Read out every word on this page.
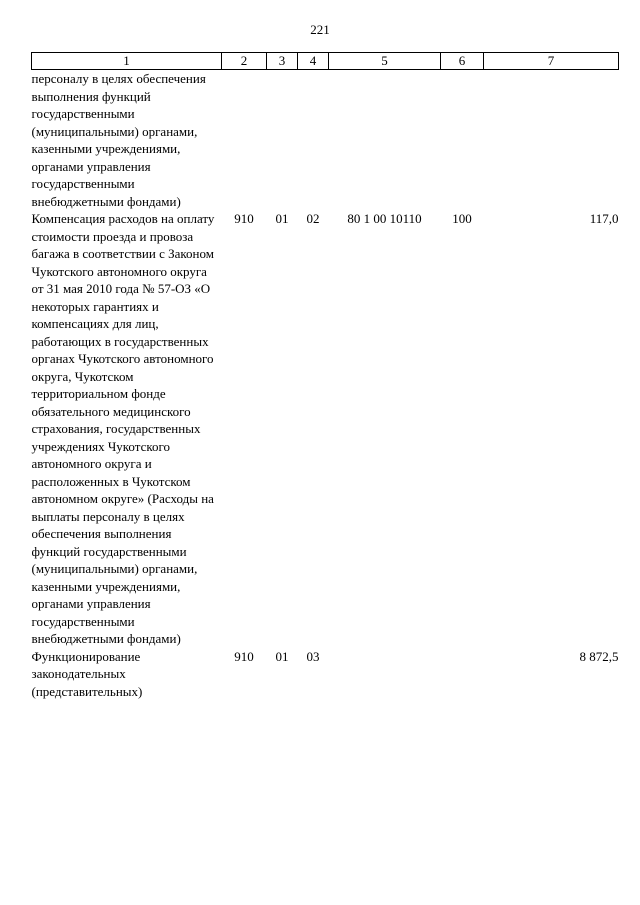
221
1	2	3	4	5	6	7
персоналу в целях обеспечения выполнения функций государственными (муниципальными) органами, казенными учреждениями, органами управления государственными внебюджетными фондами)						
Компенсация расходов на оплату стоимости проезда и провоза багажа в соответствии с Законом Чукотского автономного округа от 31 мая 2010 года № 57-ОЗ «О некоторых гарантиях и компенсациях для лиц, работающих в государственных органах Чукотского автономного округа, Чукотском территориальном фонде обязательного медицинского страхования, государственных учреждениях Чукотского автономного округа и расположенных в Чукотском автономном округе» (Расходы на выплаты персоналу в целях обеспечения выполнения функций государственными (муниципальными) органами, казенными учреждениями, органами управления государственными внебюджетными фондами)	910	01	02	80 1 00 10110	100	117,0
Функционирование законодательных (представительных)	910	01	03			8 872,5
